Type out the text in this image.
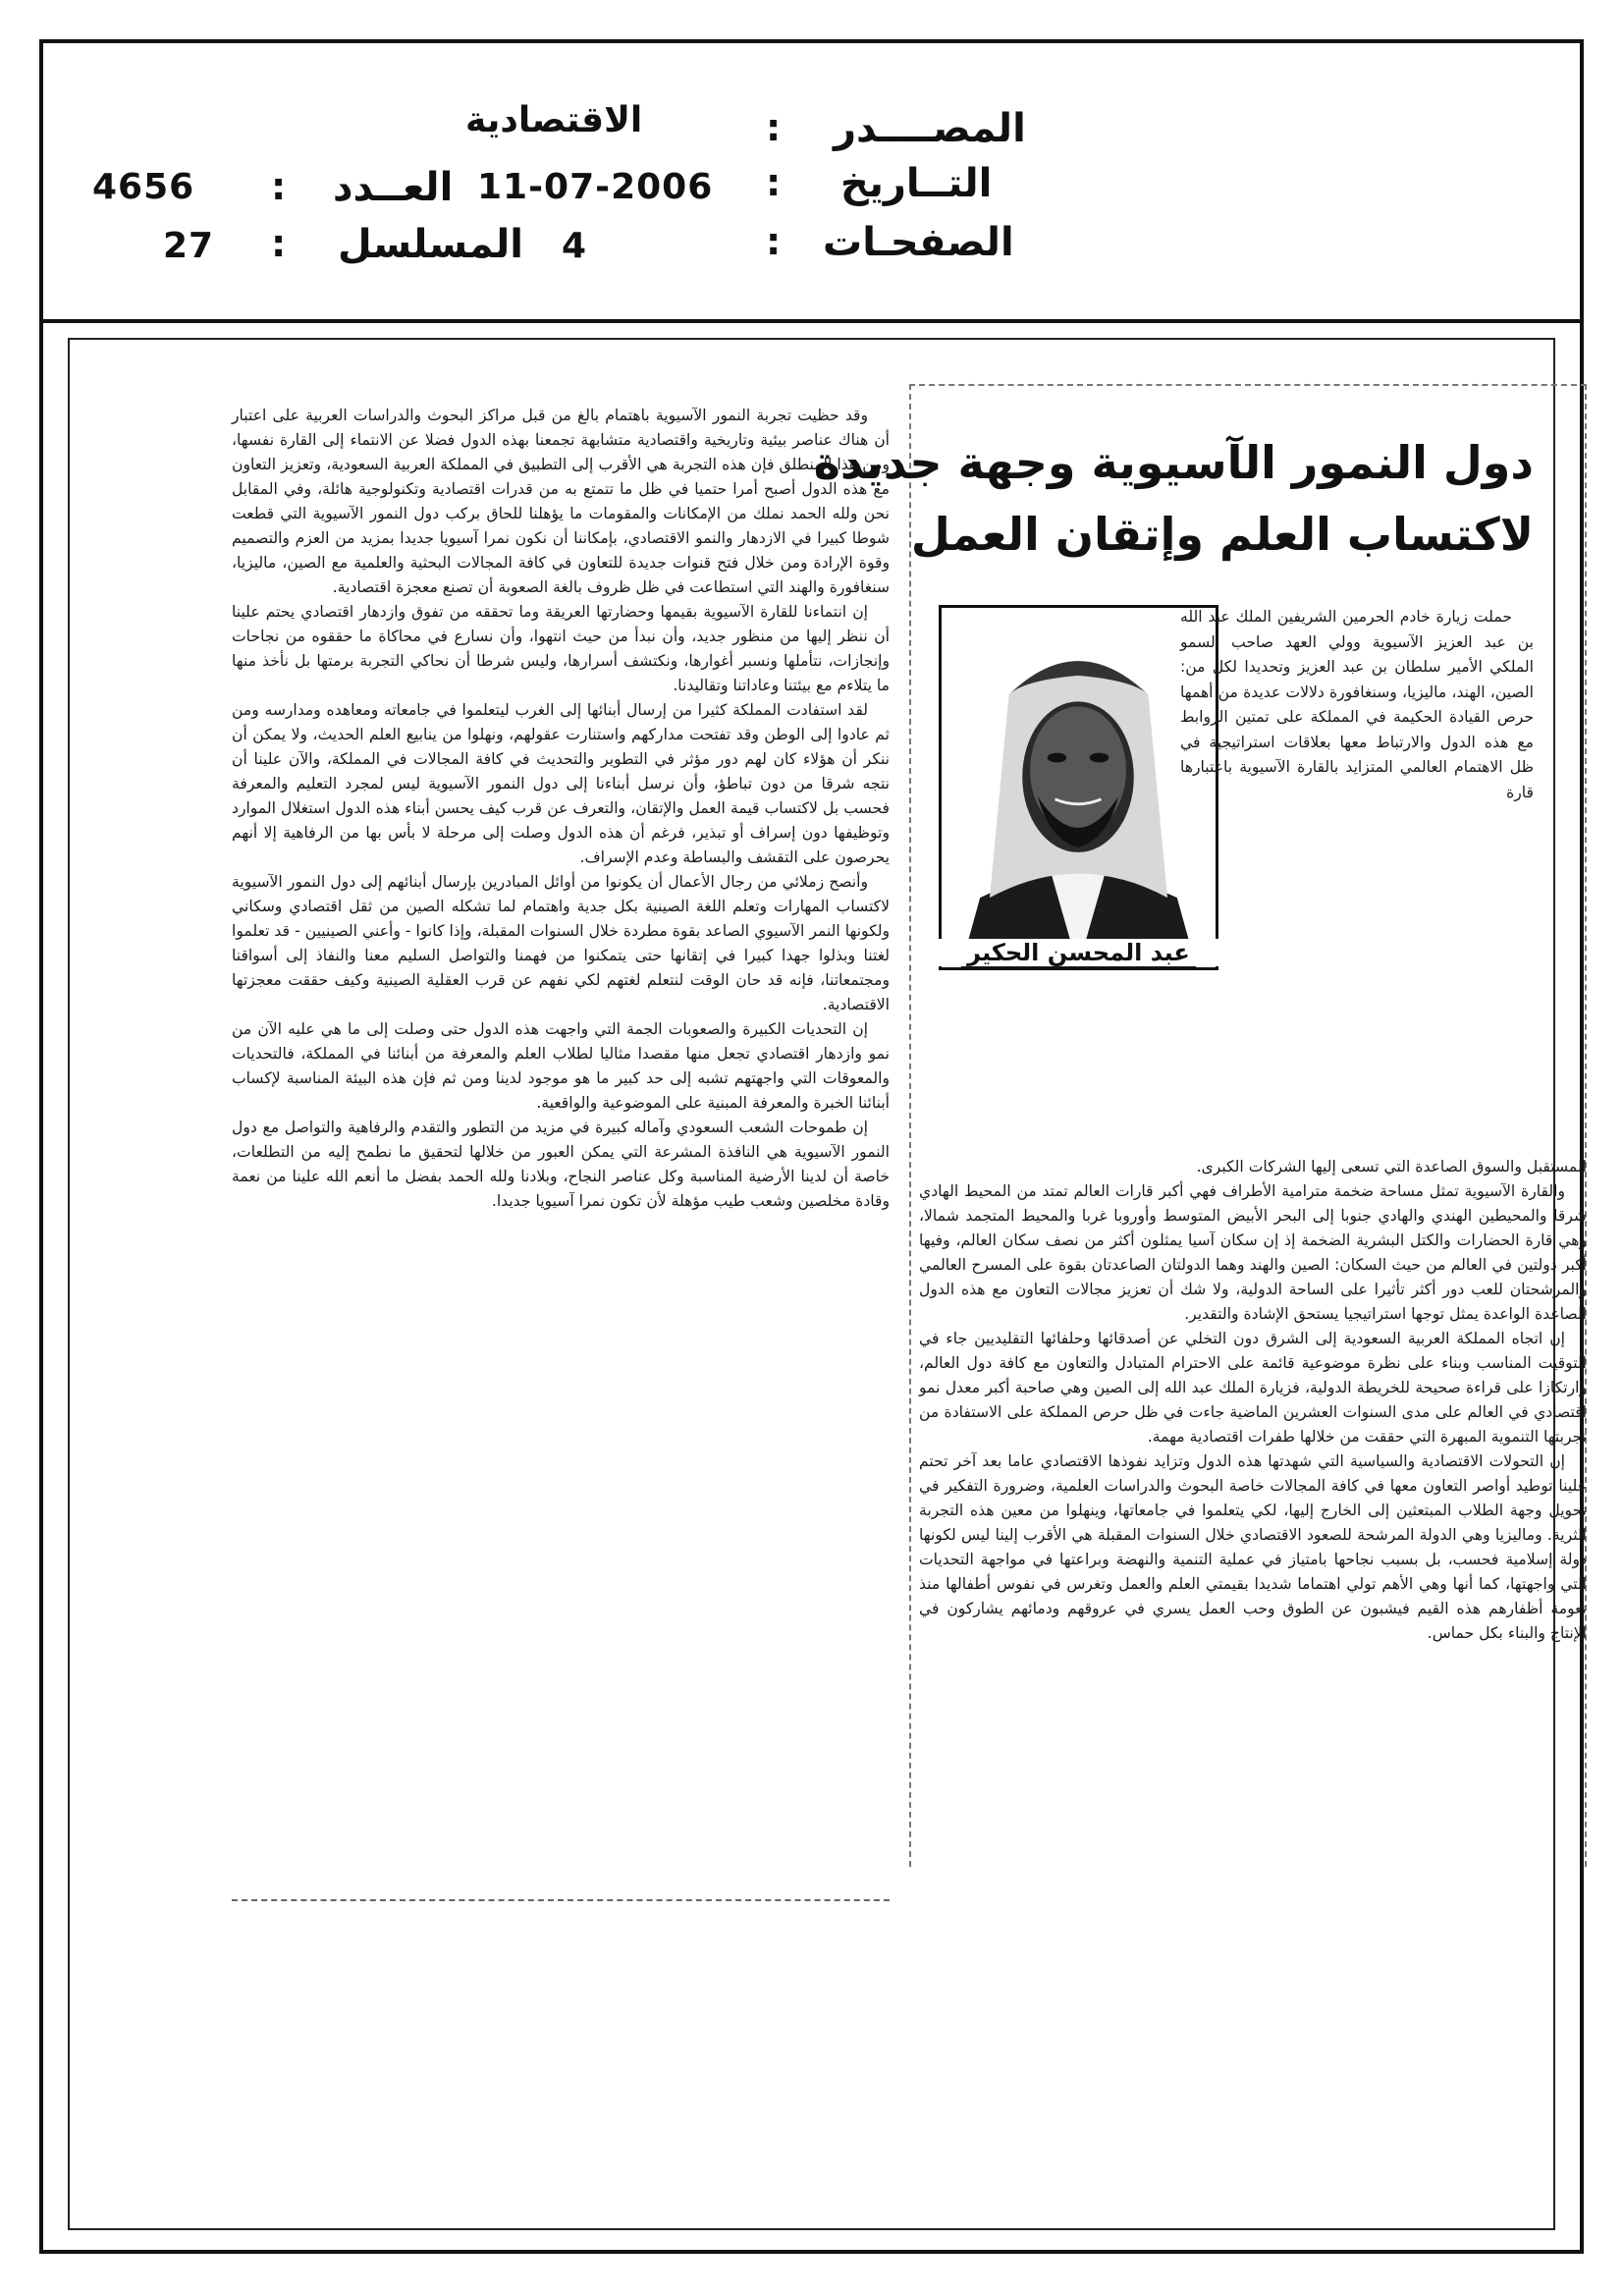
المصــــدر
:
الاقتصادية
التــاريخ
:
11-07-2006
العــدد
:
4656
الصفحـات
:
4
المسلسل
:
27

وقد حظيت تجربة النمور الآسيوية باهتمام بالغ من قبل مراكز البحوث والدراسات العربية على اعتبار أن هناك عناصر بيئية وتاريخية واقتصادية متشابهة تجمعنا بهذه الدول فضلا عن الانتماء إلى القارة نفسها، ومن هذا المنطلق فإن هذه التجربة هي الأقرب إلى التطبيق في المملكة العربية السعودية، وتعزيز التعاون مع هذه الدول أصبح أمرا حتميا في ظل ما تتمتع به من قدرات اقتصادية وتكنولوجية هائلة، وفي المقابل نحن ولله الحمد نملك من الإمكانات والمقومات ما يؤهلنا للحاق بركب دول النمور الآسيوية التي قطعت شوطا كبيرا في الازدهار والنمو الاقتصادي، بإمكاننا أن نكون نمرا آسيويا جديدا بمزيد من العزم والتصميم وقوة الإرادة ومن خلال فتح قنوات جديدة للتعاون في كافة المجالات البحثية والعلمية مع الصين، ماليزيا، سنغافورة والهند التي استطاعت في ظل ظروف بالغة الصعوبة أن تصنع معجزة اقتصادية.

إن انتماءنا للقارة الآسيوية بقيمها وحضارتها العريقة وما تحققه من تفوق وازدهار اقتصادي يحتم علينا أن ننظر إليها من منظور جديد، وأن نبدأ من حيث انتهوا، وأن نسارع في محاكاة ما حققوه من نجاحات وإنجازات، نتأملها ونسبر أغوارها، ونكتشف أسرارها، وليس شرطا أن نحاكي التجربة برمتها بل نأخذ منها ما يتلاءم مع بيئتنا وعاداتنا وتقاليدنا.

لقد استفادت المملكة كثيرا من إرسال أبنائها إلى الغرب ليتعلموا في جامعاته ومعاهده ومدارسه ومن ثم عادوا إلى الوطن وقد تفتحت مداركهم واستنارت عقولهم، ونهلوا من ينابيع العلم الحديث، ولا يمكن أن ننكر أن هؤلاء كان لهم دور مؤثر في التطوير والتحديث في كافة المجالات في المملكة، والآن علينا أن نتجه شرقا من دون تباطؤ، وأن نرسل أبناءنا إلى دول النمور الآسيوية ليس لمجرد التعليم والمعرفة فحسب بل لاكتساب قيمة العمل والإتقان، والتعرف عن قرب كيف يحسن أبناء هذه الدول استغلال الموارد وتوظيفها دون إسراف أو تبذير، فرغم أن هذه الدول وصلت إلى مرحلة لا بأس بها من الرفاهية إلا أنهم يحرصون على التقشف والبساطة وعدم الإسراف.

وأنصح زملائي من رجال الأعمال أن يكونوا من أوائل المبادرين بإرسال أبنائهم إلى دول النمور الآسيوية لاكتساب المهارات وتعلم اللغة الصينية بكل جدية واهتمام لما تشكله الصين من ثقل اقتصادي وسكاني ولكونها النمر الآسيوي الصاعد بقوة مطردة خلال السنوات المقبلة، وإذا كانوا - وأعني الصينيين - قد تعلموا لغتنا وبذلوا جهدا كبيرا في إتقانها حتى يتمكنوا من فهمنا والتواصل السليم معنا والنفاذ إلى أسواقنا ومجتمعاتنا، فإنه قد حان الوقت لنتعلم لغتهم لكي نفهم عن قرب العقلية الصينية وكيف حققت معجزتها الاقتصادية.

إن التحديات الكبيرة والصعوبات الجمة التي واجهت هذه الدول حتى وصلت إلى ما هي عليه الآن من نمو وازدهار اقتصادي تجعل منها مقصدا مثاليا لطلاب العلم والمعرفة من أبنائنا في المملكة، فالتحديات والمعوقات التي واجهتهم تشبه إلى حد كبير ما هو موجود لدينا ومن ثم فإن هذه البيئة المناسبة لإكساب أبنائنا الخبرة والمعرفة المبنية على الموضوعية والواقعية.

إن طموحات الشعب السعودي وآماله كبيرة في مزيد من التطور والتقدم والرفاهية والتواصل مع دول النمور الآسيوية هي النافذة المشرعة التي يمكن العبور من خلالها لتحقيق ما نطمح إليه من التطلعات، خاصة أن لدينا الأرضية المناسبة وكل عناصر النجاح، وبلادنا ولله الحمد بفضل ما أنعم الله علينا من نعمة وقادة مخلصين وشعب طيب مؤهلة لأن تكون نمرا آسيويا جديدا.

دول النمور الآسيوية وجهة جديدة
لاكتساب العلم وإتقان العمل
عبد المحسن الحكير

حملت زيارة خادم الحرمين الشريفين الملك عبد الله بن عبد العزيز الآسيوية وولي العهد صاحب السمو الملكي الأمير سلطان بن عبد العزيز وتحديدا لكل من: الصين، الهند، ماليزيا، وسنغافورة دلالات عديدة من أهمها حرص القيادة الحكيمة في المملكة على تمتين الروابط مع هذه الدول والارتباط معها بعلاقات استراتيجية في ظل الاهتمام العالمي المتزايد بالقارة الآسيوية باعتبارها قارة

المستقبل والسوق الصاعدة التي تسعى إليها الشركات الكبرى.

والقارة الآسيوية تمثل مساحة ضخمة مترامية الأطراف فهي أكبر قارات العالم تمتد من المحيط الهادي شرقا والمحيطين الهندي والهادي جنوبا إلى البحر الأبيض المتوسط وأوروبا غربا والمحيط المتجمد شمالا، وهي قارة الحضارات والكتل البشرية الضخمة إذ إن سكان آسيا يمثلون أكثر من نصف سكان العالم، وفيها أكبر دولتين في العالم من حيث السكان: الصين والهند وهما الدولتان الصاعدتان بقوة على المسرح العالمي والمرشحتان للعب دور أكثر تأثيرا على الساحة الدولية، ولا شك أن تعزيز مجالات التعاون مع هذه الدول الصاعدة الواعدة يمثل توجها استراتيجيا يستحق الإشادة والتقدير.

إن اتجاه المملكة العربية السعودية إلى الشرق دون التخلي عن أصدقائها وحلفائها التقليديين جاء في التوقيت المناسب وبناء على نظرة موضوعية قائمة على الاحترام المتبادل والتعاون مع كافة دول العالم، وارتكازا على قراءة صحيحة للخريطة الدولية، فزيارة الملك عبد الله إلى الصين وهي صاحبة أكبر معدل نمو اقتصادي في العالم على مدى السنوات العشرين الماضية جاءت في ظل حرص المملكة على الاستفادة من تجربتها التنموية المبهرة التي حققت من خلالها طفرات اقتصادية مهمة.

إن التحولات الاقتصادية والسياسية التي شهدتها هذه الدول وتزايد نفوذها الاقتصادي عاما بعد آخر تحتم علينا توطيد أواصر التعاون معها في كافة المجالات خاصة البحوث والدراسات العلمية، وضرورة التفكير في تحويل وجهة الطلاب المبتعثين إلى الخارج إليها، لكي يتعلموا في جامعاتها، وينهلوا من معين هذه التجربة الثرية. وماليزيا وهي الدولة المرشحة للصعود الاقتصادي خلال السنوات المقبلة هي الأقرب إلينا ليس لكونها دولة إسلامية فحسب، بل بسبب نجاحها بامتياز في عملية التنمية والنهضة وبراعتها في مواجهة التحديات التي واجهتها، كما أنها وهي الأهم تولي اهتماما شديدا بقيمتي العلم والعمل وتغرس في نفوس أطفالها منذ نعومة أظفارهم هذه القيم فيشبون عن الطوق وحب العمل يسري في عروقهم ودمائهم يشاركون في الإنتاج والبناء بكل حماس.
